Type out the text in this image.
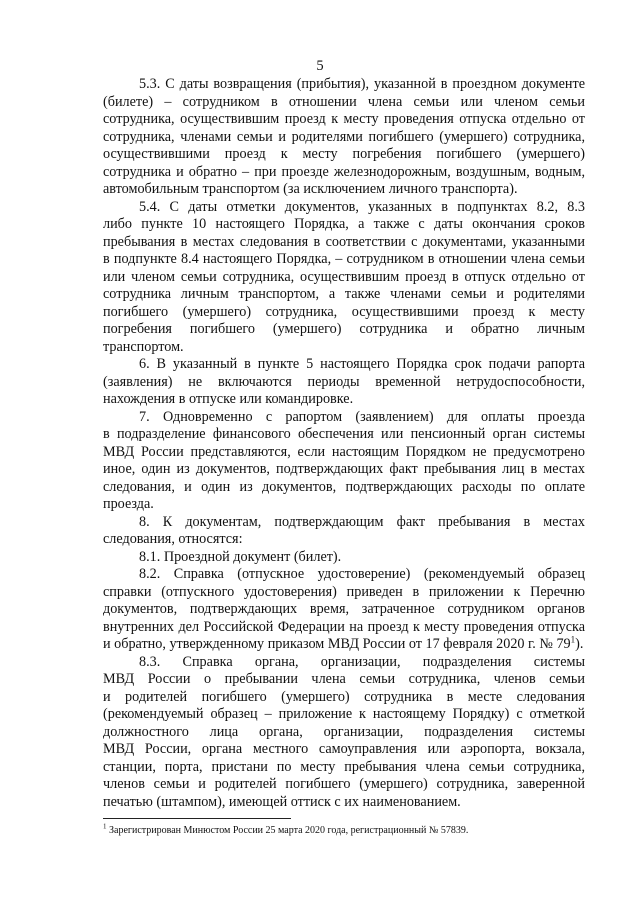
5
5.3. С даты возвращения (прибытия), указанной в проездном документе
(билете) – сотрудником в отношении члена семьи или членом семьи
сотрудника, осуществившим проезд к месту проведения отпуска отдельно от
сотрудника, членами семьи и родителями погибшего (умершего) сотрудника,
осуществившими проезд к месту погребения погибшего (умершего)
сотрудника и обратно – при проезде железнодорожным, воздушным, водным,
автомобильным транспортом (за исключением личного транспорта).
5.4. С даты отметки документов, указанных в подпунктах 8.2, 8.3
либо пункте 10 настоящего Порядка, а также с даты окончания сроков
пребывания в местах следования в соответствии с документами, указанными
в подпункте 8.4 настоящего Порядка, – сотрудником в отношении члена семьи
или членом семьи сотрудника, осуществившим проезд в отпуск отдельно от
сотрудника личным транспортом, а также членами семьи и родителями
погибшего (умершего) сотрудника, осуществившими проезд к месту
погребения погибшего (умершего) сотрудника и обратно личным
транспортом.
6. В указанный в пункте 5 настоящего Порядка срок подачи рапорта
(заявления) не включаются периоды временной нетрудоспособности,
нахождения в отпуске или командировке.
7. Одновременно с рапортом (заявлением) для оплаты проезда
в подразделение финансового обеспечения или пенсионный орган системы
МВД России представляются, если настоящим Порядком не предусмотрено
иное, один из документов, подтверждающих факт пребывания лиц в местах
следования, и один из документов, подтверждающих расходы по оплате
проезда.
8. К документам, подтверждающим факт пребывания в местах
следования, относятся:
8.1. Проездной документ (билет).
8.2. Справка (отпускное удостоверение) (рекомендуемый образец
справки (отпускного удостоверения) приведен в приложении к Перечню
документов, подтверждающих время, затраченное сотрудником органов
внутренних дел Российской Федерации на проезд к месту проведения отпуска
и обратно, утвержденному приказом МВД России от 17 февраля 2020 г. № $79^1$).
8.3. Справка органа, организации, подразделения системы
МВД России о пребывании члена семьи сотрудника, членов семьи
и родителей погибшего (умершего) сотрудника в месте следования
(рекомендуемый образец – приложение к настоящему Порядку) с отметкой
должностного лица органа, организации, подразделения системы
МВД России, органа местного самоуправления или аэропорта, вокзала,
станции, порта, пристани по месту пребывания члена семьи сотрудника,
членов семьи и родителей погибшего (умершего) сотрудника, заверенной
печатью (штампом), имеющей оттиск с их наименованием.
$^1$ Зарегистрирован Минюстом России 25 марта 2020 года, регистрационный № 57839.
